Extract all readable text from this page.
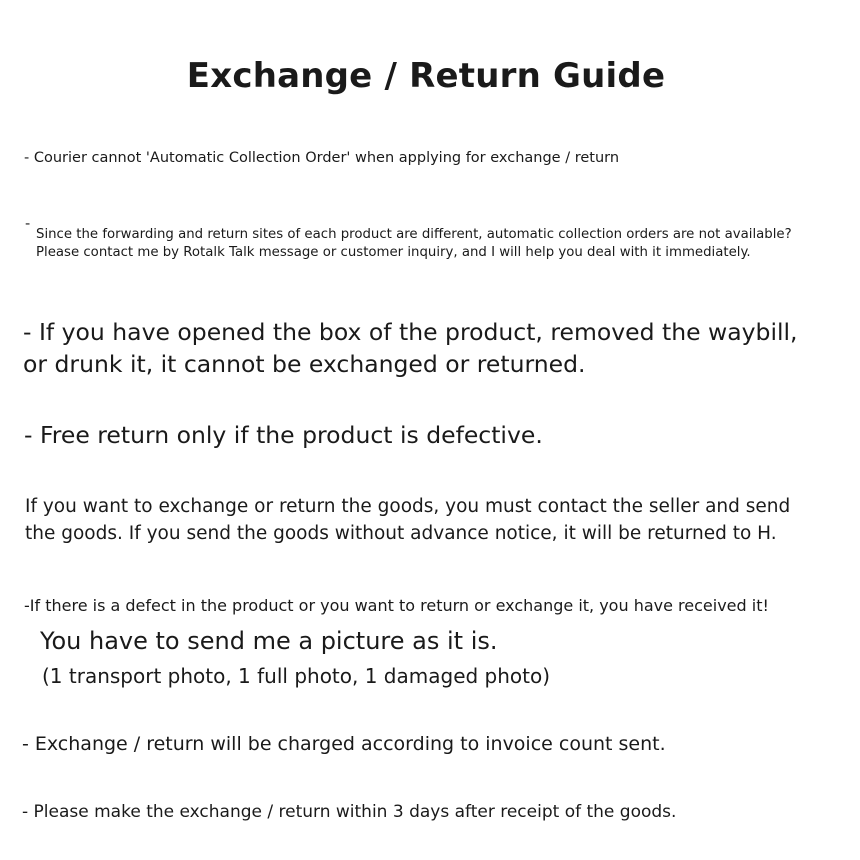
Exchange / Return Guide

- Courier cannot 'Automatic Collection Order' when applying for exchange / return

-

Since the forwarding and return sites of each product are different, automatic collection orders are not available?

Please contact me by Rotalk Talk message or customer inquiry, and I will help you deal with it immediately.

- If you have opened the box of the product, removed the waybill,

or drunk it, it cannot be exchanged or returned.

- Free return only if the product is defective.

If you want to exchange or return the goods, you must contact the seller and send

the goods. If you send the goods without advance notice, it will be returned to H.

-If there is a defect in the product or you want to return or exchange it, you have received it!

You have to send me a picture as it is.

(1 transport photo, 1 full photo, 1 damaged photo)

- Exchange / return will be charged according to invoice count sent.

- Please make the exchange / return within 3 days after receipt of the goods.
